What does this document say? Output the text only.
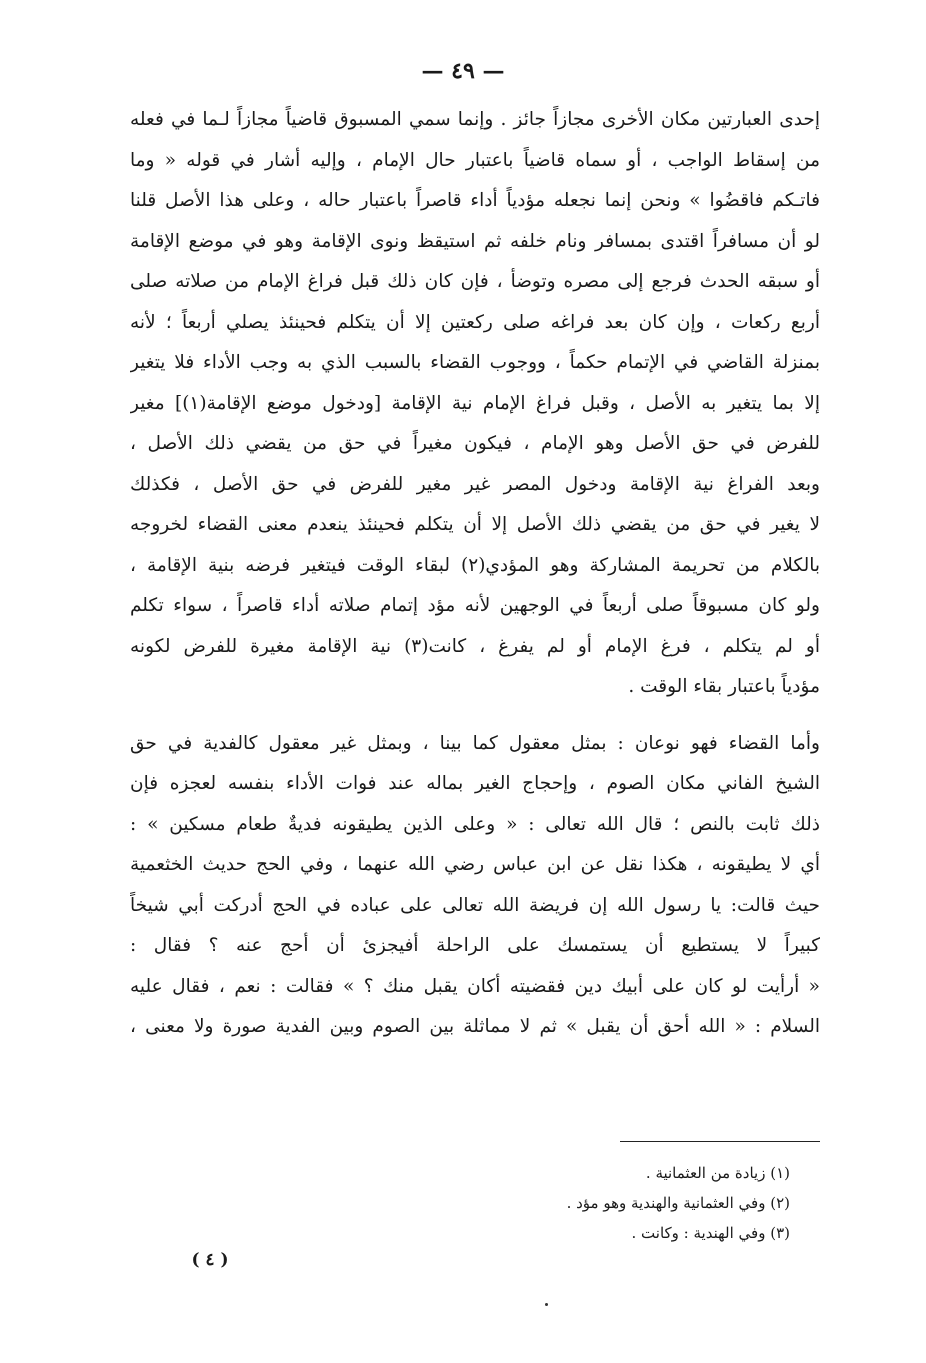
— ٤٩ —
إحدى العبارتين مكان الأخرى مجازاً جائز . وإنما سمي المسبوق قاضياً مجازاً لـما في فعله
من إسقاط الواجب ، أو سماه قاضياً باعتبار حال الإمام ، وإليه أشار في قوله « وما
فاتـكم فاقضُوا » ونحن إنما نجعله مؤدياً أداء قاصراً باعتبار حاله ، وعلى هذا الأصل قلنا
لو أن مسافراً اقتدى بمسافر ونام خلفه ثم استيقظ ونوى الإقامة وهو في موضع الإقامة
أو سبقه الحدث فرجع إلى مصره وتوضأ ، فإن كان ذلك قبل فراغ الإمام من صلاته صلى
أربع ركعات ، وإن كان بعد فراغه صلى ركعتين إلا أن يتكلم فحينئذ يصلي أربعاً ؛ لأنه
بمنزلة القاضي في الإتمام حكماً ، ووجوب القضاء بالسبب الذي به وجب الأداء فلا يتغير
إلا بما يتغير به الأصل ، وقبل فراغ الإمام نية الإقامة [ودخول موضع الإقامة(١)] مغير
للفرض في حق الأصل وهو الإمام ، فيكون مغيراً في حق من يقضي ذلك الأصل ،
وبعد الفراغ نية الإقامة ودخول المصر غير مغير للفرض في حق الأصل ، فكذلك
لا يغير في حق من يقضي ذلك الأصل إلا أن يتكلم فحينئذ ينعدم معنى القضاء لخروجه
بالكلام من تحريمة المشاركة وهو المؤدي(٢) لبقاء الوقت فيتغير فرضه بنية الإقامة ،
ولو كان مسبوقاً صلى أربعاً في الوجهين لأنه مؤد إتمام صلاته أداء قاصراً ، سواء تكلم
أو لم يتكلم ، فرغ الإمام أو لم يفرغ ، كانت(٣) نية الإقامة مغيرة للفرض لكونه
مؤدياً باعتبار بقاء الوقت .
وأما القضاء فهو نوعان : بمثل معقول كما بينا ، وبمثل غير معقول كالفدية في حق
الشيخ الفاني مكان الصوم ، وإحجاج الغير بماله عند فوات الأداء بنفسه لعجزه فإن
ذلك ثابت بالنص ؛ قال الله تعالى : « وعلى الذين يطيقونه فديةٌ طعام مسكين » :
أي لا يطيقونه ، هكذا نقل عن ابن عباس رضي الله عنهما ، وفي الحج حديث الخثعمية
حيث قالت: يا رسول الله إن فريضة الله تعالى على عباده في الحج أدركت أبي شيخاً
كبيراً لا يستطيع أن يستمسك على الراحلة أفيجزئ أن أحج عنه ؟ فقال :
« أرأيت لو كان على أبيك دين فقضيته أكان يقبل منك ؟ » فقالت : نعم ، فقال عليه
السلام : « الله أحق أن يقبل » ثم لا مماثلة بين الصوم وبين الفدية صورة ولا معنى ،
(١) زيادة من العثمانية .
(٢) وفي العثمانية والهندية وهو مؤد .
(٣) وفي الهندية : وكانت .
( ٤ )
